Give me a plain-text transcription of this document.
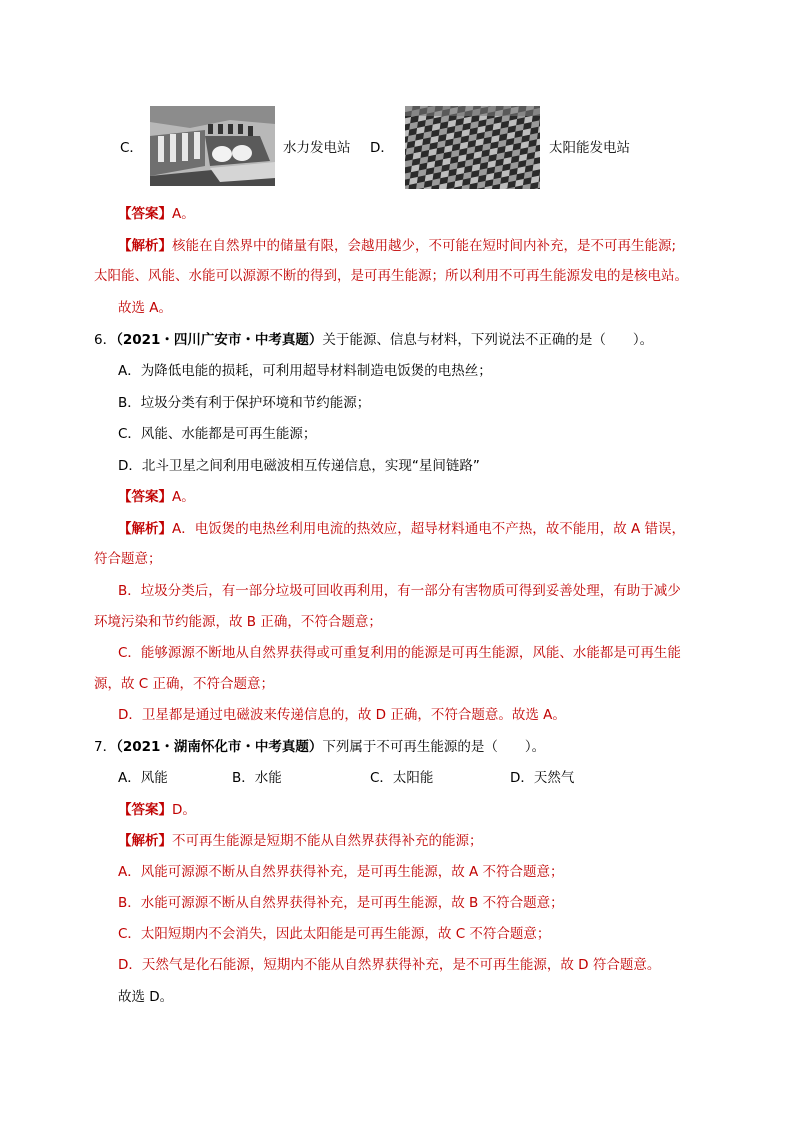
C．	水力发电站 D．	太阳能发电站
【答案】A。
【解析】核能在自然界中的储量有限，会越用越少，不可能在短时间内补充，是不可再生能源;
太阳能、风能、水能可以源源不断的得到，是可再生能源；所以利用不可再生能源发电的是核电站。
故选 A。
6．（2021・四川广安市・中考真题）关于能源、信息与材料，下列说法不正确的是（　　）。
A．为降低电能的损耗，可利用超导材料制造电饭煲的电热丝；
B．垃圾分类有利于保护环境和节约能源；
C．风能、水能都是可再生能源；
D．北斗卫星之间利用电磁波相互传递信息，实现“星间链路”
【答案】A。
【解析】A．电饭煲的电热丝利用电流的热效应，超导材料通电不产热，故不能用，故 A 错误，
符合题意；
B．垃圾分类后，有一部分垃圾可回收再利用，有一部分有害物质可得到妥善处理，有助于减少
环境污染和节约能源，故 B 正确，不符合题意；
C．能够源源不断地从自然界获得或可重复利用的能源是可再生能源，风能、水能都是可再生能
源，故 C 正确，不符合题意；
D．卫星都是通过电磁波来传递信息的，故 D 正确，不符合题意。故选 A。
7．（2021・湖南怀化市・中考真题）下列属于不可再生能源的是（　　）。
A．风能	B．水能	C．太阳能	D．天然气
【答案】D。
【解析】不可再生能源是短期不能从自然界获得补充的能源；
A．风能可源源不断从自然界获得补充，是可再生能源，故 A 不符合题意；
B．水能可源源不断从自然界获得补充，是可再生能源，故 B 不符合题意；
C．太阳短期内不会消失，因此太阳能是可再生能源，故 C 不符合题意；
D．天然气是化石能源，短期内不能从自然界获得补充，是不可再生能源，故 D 符合题意。
故选 D。
